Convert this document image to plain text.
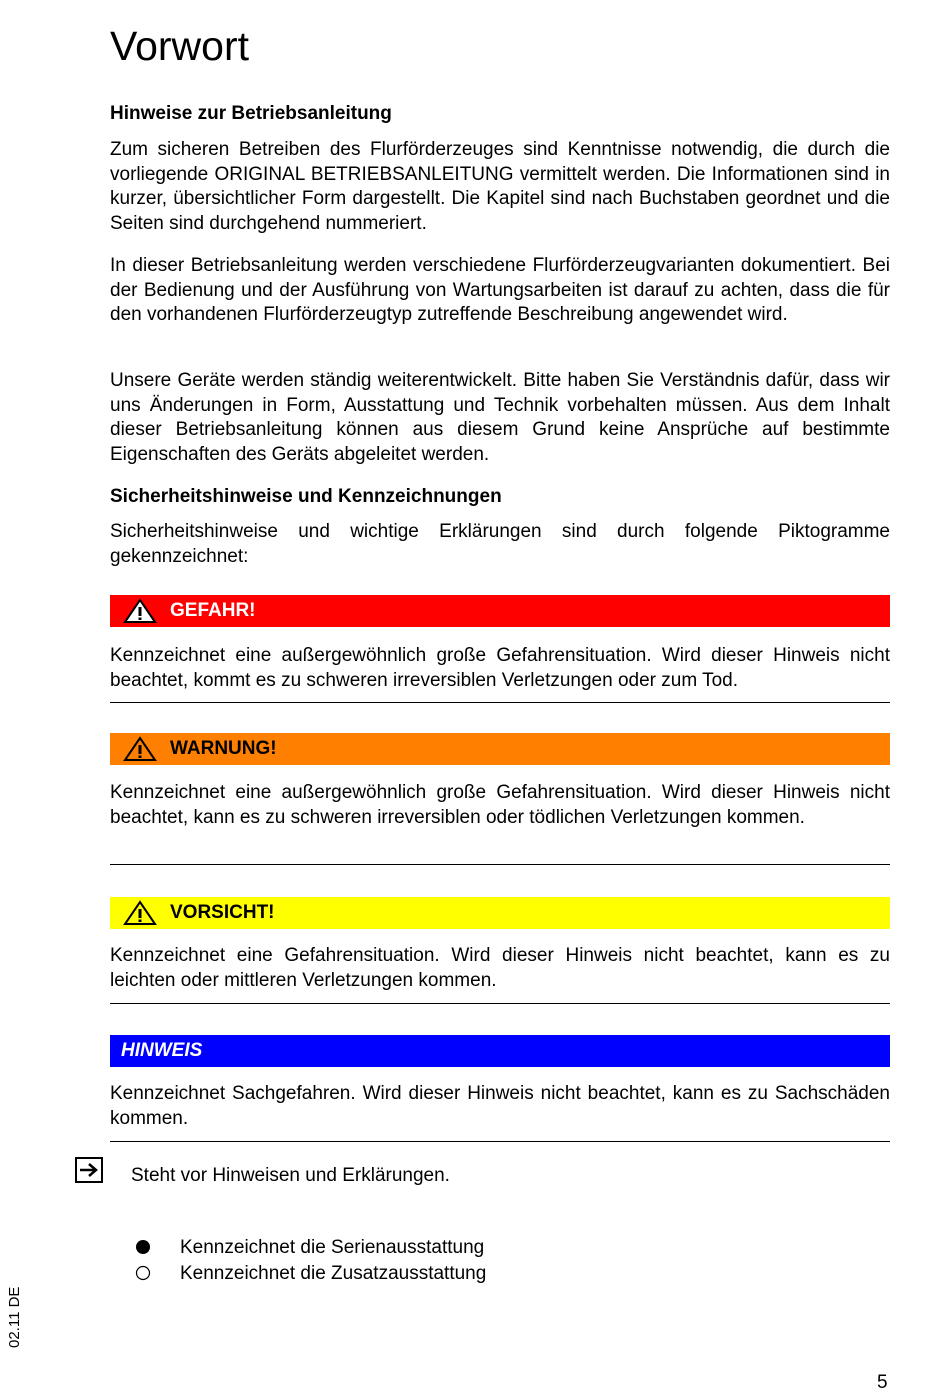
Vorwort
Hinweise zur Betriebsanleitung

Zum sicheren Betreiben des Flurförderzeuges sind Kenntnisse notwendig, die durch die vorliegende ORIGINAL BETRIEBSANLEITUNG vermittelt werden. Die Informationen sind in kurzer, übersichtlicher Form dargestellt. Die Kapitel sind nach Buchstaben geordnet und die Seiten sind durchgehend nummeriert.

In dieser Betriebsanleitung werden verschiedene Flurförderzeugvarianten dokumentiert. Bei der Bedienung und der Ausführung von Wartungsarbeiten ist darauf zu achten, dass die für den vorhandenen Flurförderzeugtyp zutreffende Beschreibung angewendet wird.

Unsere Geräte werden ständig weiterentwickelt. Bitte haben Sie Verständnis dafür, dass wir uns Änderungen in Form, Ausstattung und Technik vorbehalten müssen. Aus dem Inhalt dieser Betriebsanleitung können aus diesem Grund keine Ansprüche auf bestimmte Eigenschaften des Geräts abgeleitet werden.

Sicherheitshinweise und Kennzeichnungen

Sicherheitshinweise und wichtige Erklärungen sind durch folgende Piktogramme gekennzeichnet:

GEFAHR!

Kennzeichnet eine außergewöhnlich große Gefahrensituation. Wird dieser Hinweis nicht beachtet, kommt es zu schweren irreversiblen Verletzungen oder zum Tod.

WARNUNG!

Kennzeichnet eine außergewöhnlich große Gefahrensituation. Wird dieser Hinweis nicht beachtet, kann es zu schweren irreversiblen oder tödlichen Verletzungen kommen.

VORSICHT!

Kennzeichnet eine Gefahrensituation. Wird dieser Hinweis nicht beachtet, kann es zu leichten oder mittleren Verletzungen kommen.

HINWEIS

Kennzeichnet Sachgefahren. Wird dieser Hinweis nicht beachtet, kann es zu Sachschäden kommen.

Steht vor Hinweisen und Erklärungen.
Kennzeichnet die Serienausstattung
Kennzeichnet die Zusatzausstattung
02.11 DE
5
